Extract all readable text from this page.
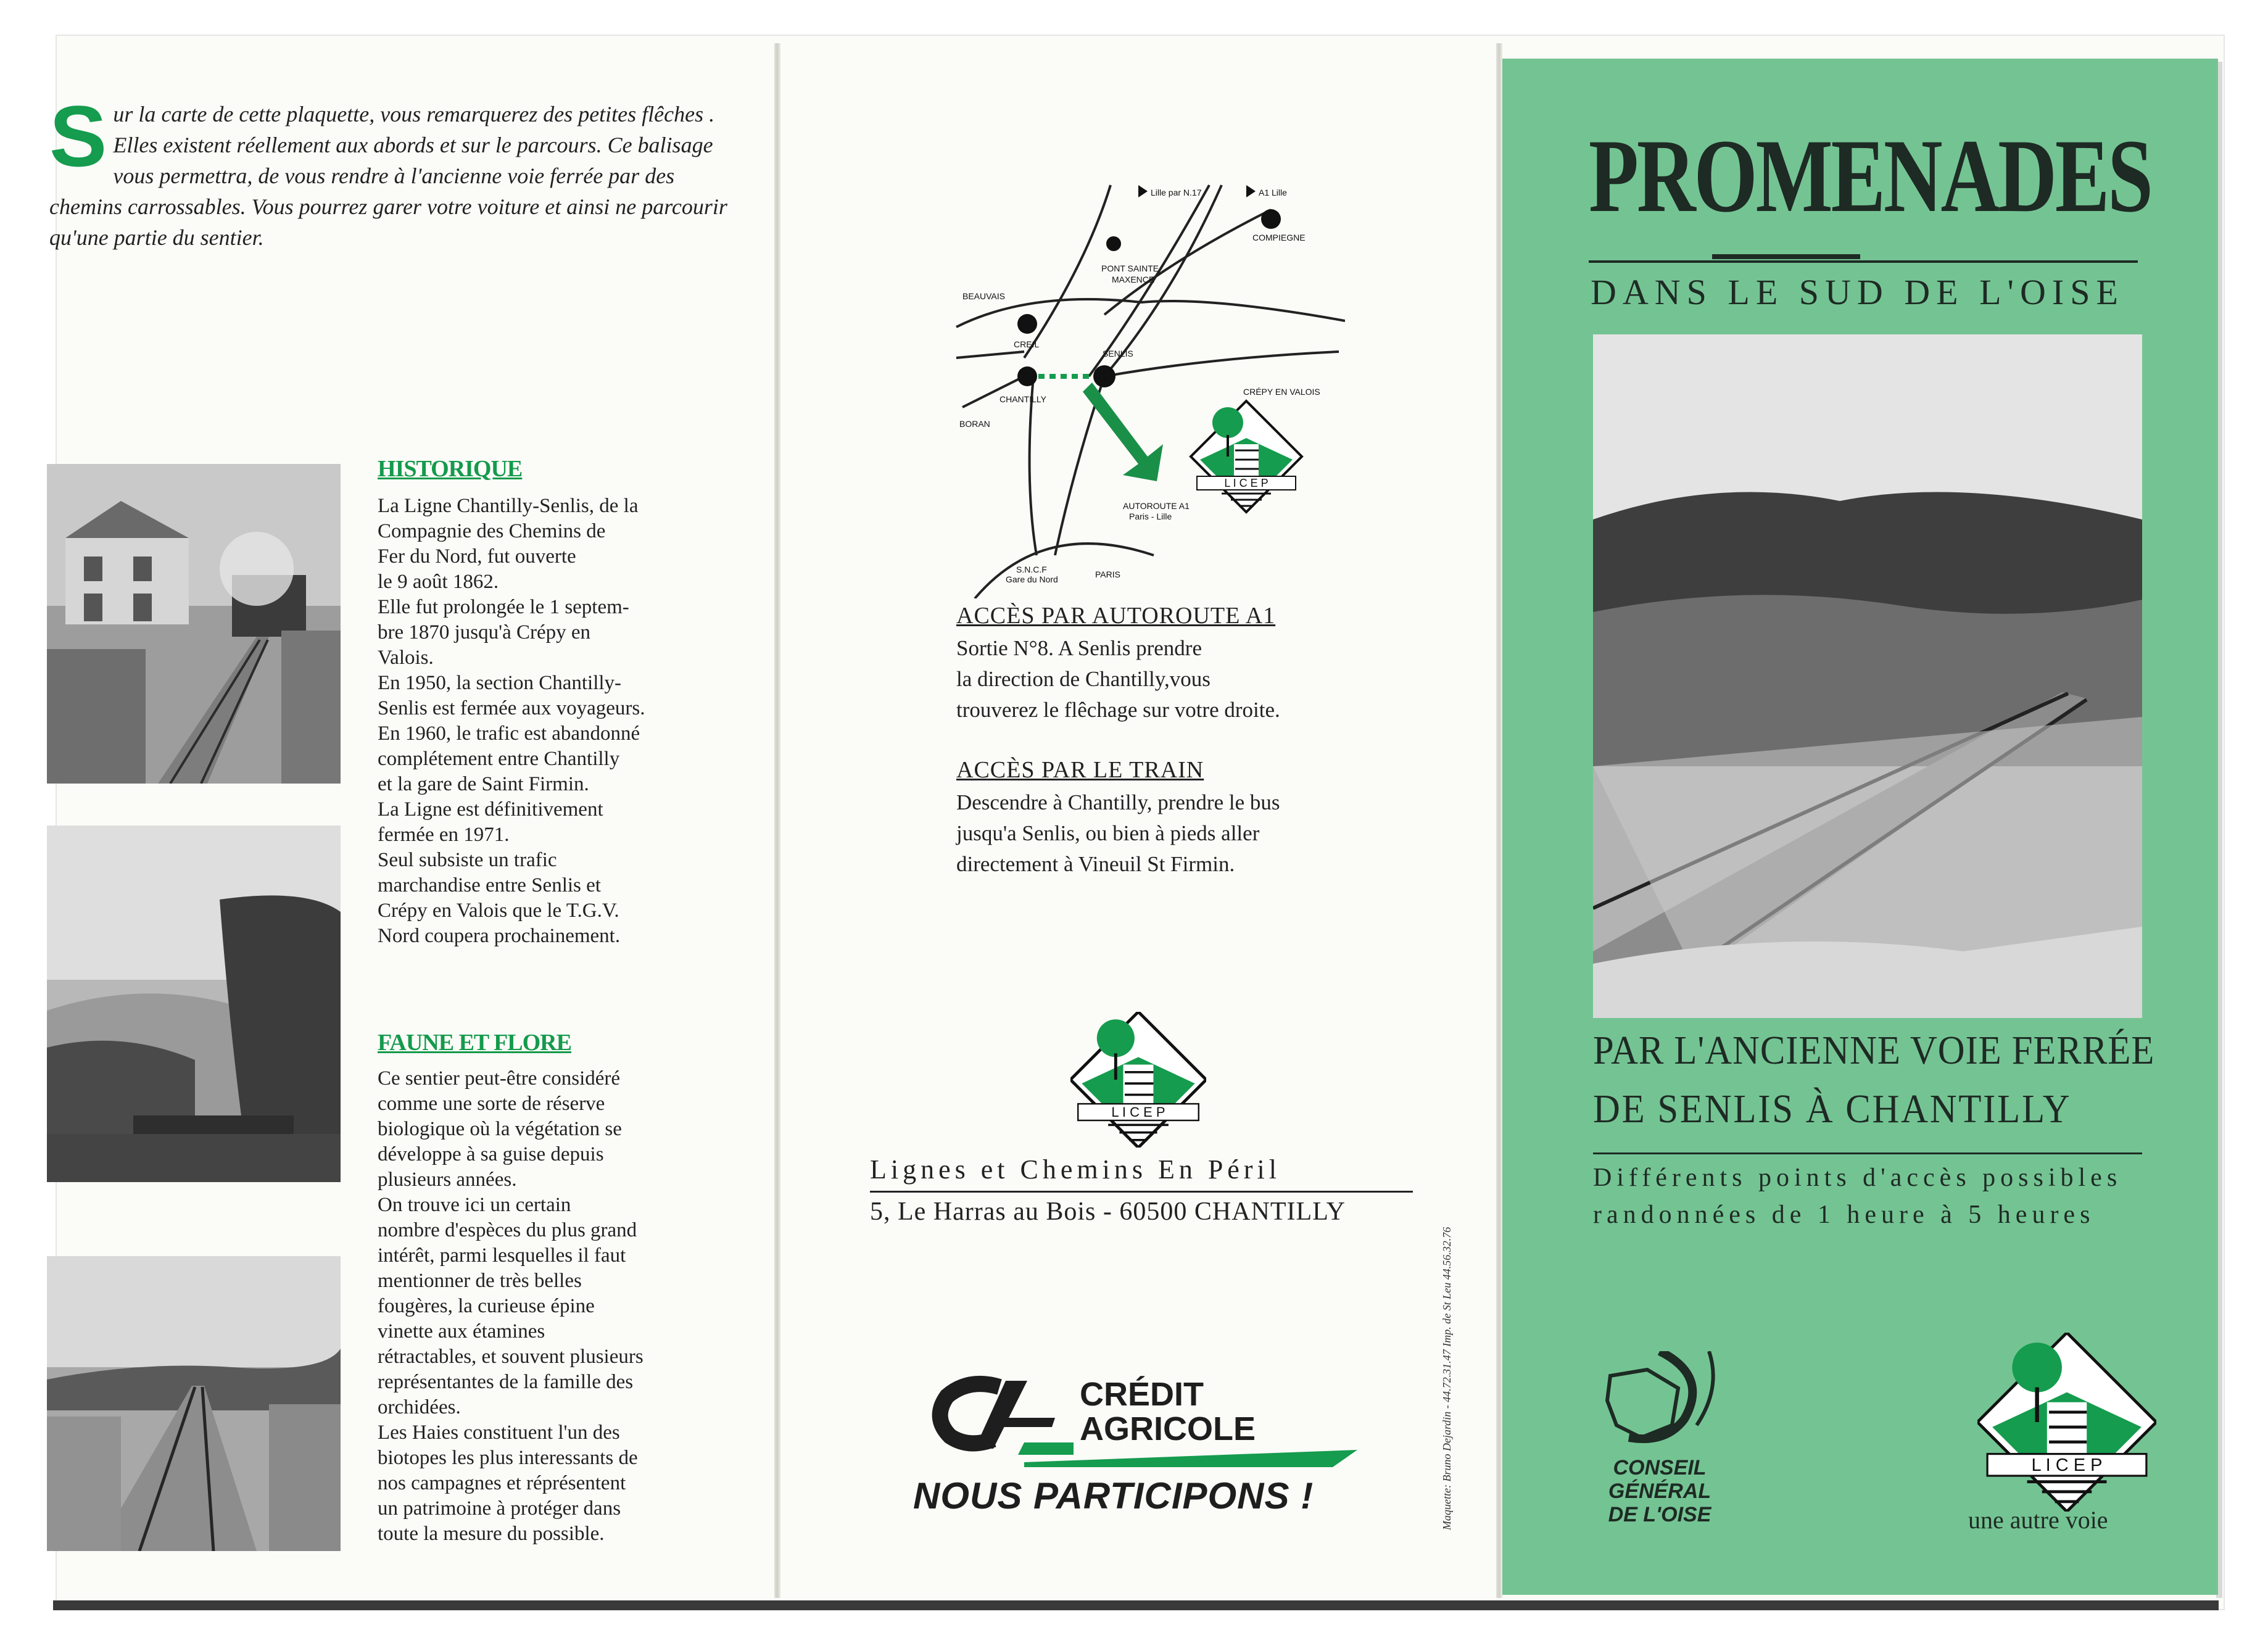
S ur la carte de cette plaquette, vous remarquerez des petites flêches . Elles existent réellement aux abords et sur le parcours. Ce balisage vous permettra, de vous rendre à l'ancienne voie ferrée par des chemins carrossables. Vous pourrez garer votre voiture et ainsi ne parcourir qu'une partie du sentier.
HISTORIQUE
La Ligne Chantilly-Senlis, de la
Compagnie des Chemins de
Fer du Nord, fut ouverte
le 9 août 1862.
Elle fut prolongée le 1 septem-
bre 1870 jusqu'à Crépy en
Valois.
En 1950, la section Chantilly-
Senlis est fermée aux voyageurs.
En 1960, le trafic est abandonné
complétement entre Chantilly
et la gare de Saint Firmin.
La Ligne est définitivement
fermée en 1971.
Seul subsiste un trafic
marchandise entre Senlis et
Crépy en Valois que le T.G.V.
Nord coupera prochainement.
FAUNE ET FLORE
Ce sentier peut-être considéré
comme une sorte de réserve
biologique où la végétation se
développe à sa guise depuis
plusieurs années.
On trouve ici un certain
nombre d'espèces du plus grand
intérêt, parmi lesquelles il faut
mentionner de très belles
fougères, la curieuse épine
vinette aux étamines
rétractables, et souvent plusieurs
représentantes de la famille des
orchidées.
Les Haies constituent l'un des
biotopes les plus interessants de
nos campagnes et réprésentent
un patrimoine à protéger dans
toute la mesure du possible.
Lille par N.17	A1 Lille
COMPIEGNE
PONT SAINTE
MAXENCE
BEAUVAIS
CREIL
SENLIS
CHANTILLY
CRÉPY EN VALOIS
BORAN
AUTOROUTE A1
Paris - Lille
S.N.C.F
Gare du Nord	PARIS
L I C E P
ACCÈS PAR AUTOROUTE A1
Sortie N°8. A Senlis prendre
la direction de Chantilly,vous
trouverez le flêchage sur votre droite.
ACCÈS PAR LE TRAIN
Descendre à Chantilly, prendre le bus
jusqu'a Senlis, ou bien à pieds aller
directement à Vineuil St Firmin.
L I C E P
Lignes et Chemins En Péril
5, Le Harras au Bois - 60500 CHANTILLY
Maquette: Bruno Dejardin - 44.72.31.47 Imp. de St Leu 44.56.32.76
CRÉDIT
AGRICOLE
NOUS PARTICIPONS !
PROMENADES
DANS LE SUD DE L'OISE
PAR L'ANCIENNE VOIE FERRÉE
DE SENLIS À CHANTILLY
Différents points d'accès possibles
randonnées de 1 heure à 5 heures
CONSEIL GÉNÉRAL DE L'OISE
L I C E P
une autre voie
